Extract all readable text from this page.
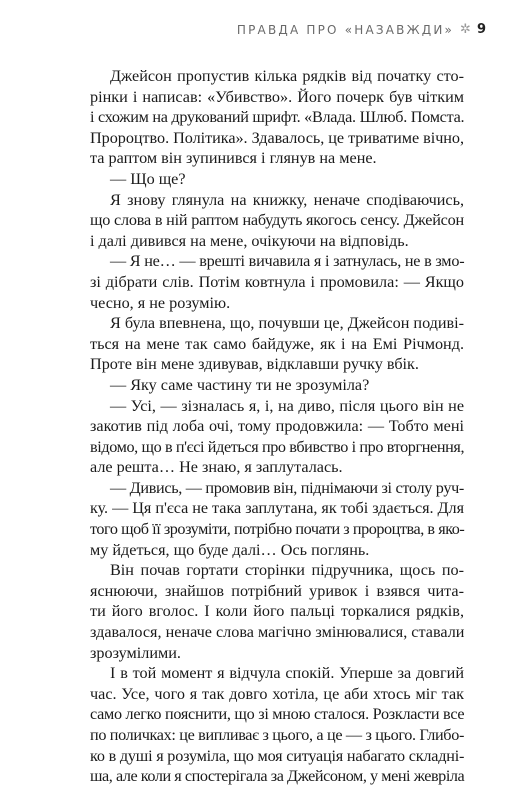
ПРАВДА ПРО «НАЗАВЖДИ» ✲ 9
Джейсон пропустив кілька рядків від початку сто-
рінки і написав: «Убивство». Його почерк був чітким
і схожим на друкований шрифт. «Влада. Шлюб. Помста.
Пророцтво. Політика». Здавалось, це триватиме вічно,
та раптом він зупинився і глянув на мене.
— Що ще?
Я знову глянула на книжку, неначе сподіваючись,
що слова в ній раптом набудуть якогось сенсу. Джейсон
і далі дивився на мене, очікуючи на відповідь.
— Я не… — врешті вичавила я і затнулась, не в змо-
зі дібрати слів. Потім ковтнула і промовила: — Якщо
чесно, я не розумію.
Я була впевнена, що, почувши це, Джейсон подиві-
ться на мене так само байдуже, як і на Емі Річмонд.
Проте він мене здивував, відклавши ручку вбік.
— Яку саме частину ти не зрозуміла?
— Усі, — зізналась я, і, на диво, після цього він не
закотив під лоба очі, тому продовжила: — Тобто мені
відомо, що в п'єсі йдеться про вбивство і про вторгнення,
але решта… Не знаю, я заплуталась.
— Дивись, — промовив він, піднімаючи зі столу руч-
ку. — Ця п'єса не така заплутана, як тобі здається. Для
того щоб її зрозуміти, потрібно почати з пророцтва, в яко-
му йдеться, що буде далі… Ось поглянь.
Він почав гортати сторінки підручника, щось по-
яснюючи, знайшов потрібний уривок і взявся чита-
ти його вголос. І коли його пальці торкалися рядків,
здавалося, неначе слова магічно змінювалися, ставали
зрозумілими.
І в той момент я відчула спокій. Уперше за довгий
час. Усе, чого я так довго хотіла, це аби хтось міг так
само легко пояснити, що зі мною сталося. Розкласти все
по поличках: це випливає з цього, а це — з цього. Глибо-
ко в душі я розуміла, що моя ситуація набагато складні-
ша, але коли я спостерігала за Джейсоном, у мені жевріла
